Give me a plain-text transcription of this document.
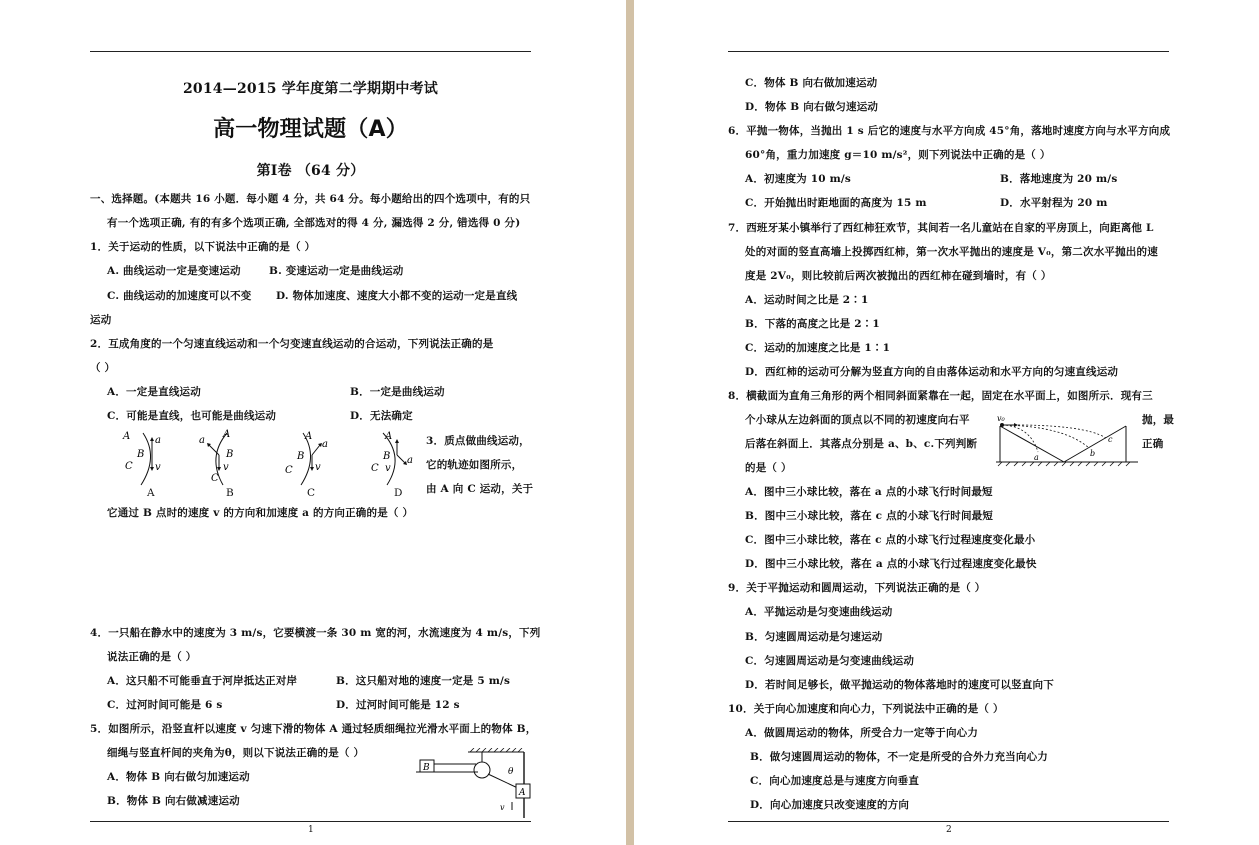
2014—2015 学年度第二学期期中考试
高一物理试题（A）
第Ⅰ卷 （64 分）
一、选择题。(本题共 16 小题．每小题 4 分，共 64 分。每小题给出的四个选项中，有的只
有一个选项正确, 有的有多个选项正确, 全部选对的得 4 分, 漏选得 2 分, 错选得 0 分)
1．关于运动的性质，以下说法中正确的是（ ）
A. 曲线运动一定是变速运动	B. 变速运动一定是曲线运动
C. 曲线运动的加速度可以不变 D. 物体加速度、速度大小都不变的运动一定是直线
运动
2．互成角度的一个匀速直线运动和一个匀变速直线运动的合运动，下列说法正确的是
（ ）
A．一定是直线运动	B．一定是曲线运动
C．可能是直线，也可能是曲线运动	D．无法确定
A a
B
C v
A
a
B
C
v
A
a
B
C v
A
B
C v
a
A	B	C	D
3．质点做曲线运动，
它的轨迹如图所示，
由 A 向 C 运动，关于
它通过 B 点时的速度 v 的方向和加速度 a 的方向正确的是（ ）
4．一只船在静水中的速度为 3 m/s，它要横渡一条 30 m 宽的河，水流速度为 4 m/s，下列
说法正确的是（ ）
A．这只船不可能垂直于河岸抵达正对岸	B．这只船对地的速度一定是 5 m/s
C．过河时间可能是 6 s	D．过河时间可能是 12 s
5．如图所示，沿竖直杆以速度 v 匀速下滑的物体 A 通过轻质细绳拉光滑水平面上的物体 B，
细绳与竖直杆间的夹角为θ，则以下说法正确的是（ ）
A．物体 B 向右做匀加速运动
B．物体 B 向右做减速运动
B
A
θ
v
1
C．物体 B 向右做加速运动
D．物体 B 向右做匀速运动
6．平抛一物体，当抛出 1 s 后它的速度与水平方向成 45°角，落地时速度方向与水平方向成
60°角，重力加速度 g＝10 m/s²，则下列说法中正确的是（ ）
A．初速度为 10 m/s	B．落地速度为 20 m/s
C．开始抛出时距地面的高度为 15 m	D．水平射程为 20 m
7．西班牙某小镇举行了西红柿狂欢节，其间若一名儿童站在自家的平房顶上，向距离他 L
处的对面的竖直高墙上投掷西红柿，第一次水平抛出的速度是 V₀，第二次水平抛出的速
度是 2V₀，则比较前后两次被抛出的西红柿在碰到墙时，有（ ）
A．运动时间之比是 2∶1
B．下落的高度之比是 2∶1
C．运动的加速度之比是 1∶1
D．西红柿的运动可分解为竖直方向的自由落体运动和水平方向的匀速直线运动
8．横截面为直角三角形的两个相同斜面紧靠在一起，固定在水平面上，如图所示．现有三
个小球从左边斜面的顶点以不同的初速度向右平	抛，最
后落在斜面上．其落点分别是 a、b、c.下列判断	正确
的是（ ）
v₀
a	b
c
A．图中三小球比较，落在 a 点的小球飞行时间最短
B．图中三小球比较，落在 c 点的小球飞行时间最短
C．图中三小球比较，落在 c 点的小球飞行过程速度变化最小
D．图中三小球比较，落在 a 点的小球飞行过程速度变化最快
9．关于平抛运动和圆周运动，下列说法正确的是（ ）
A．平抛运动是匀变速曲线运动
B．匀速圆周运动是匀速运动
C．匀速圆周运动是匀变速曲线运动
D．若时间足够长，做平抛运动的物体落地时的速度可以竖直向下
10．关于向心加速度和向心力，下列说法中正确的是（ ）
A．做圆周运动的物体，所受合力一定等于向心力
B．做匀速圆周运动的物体，不一定是所受的合外力充当向心力
C．向心加速度总是与速度方向垂直
D．向心加速度只改变速度的方向
2
